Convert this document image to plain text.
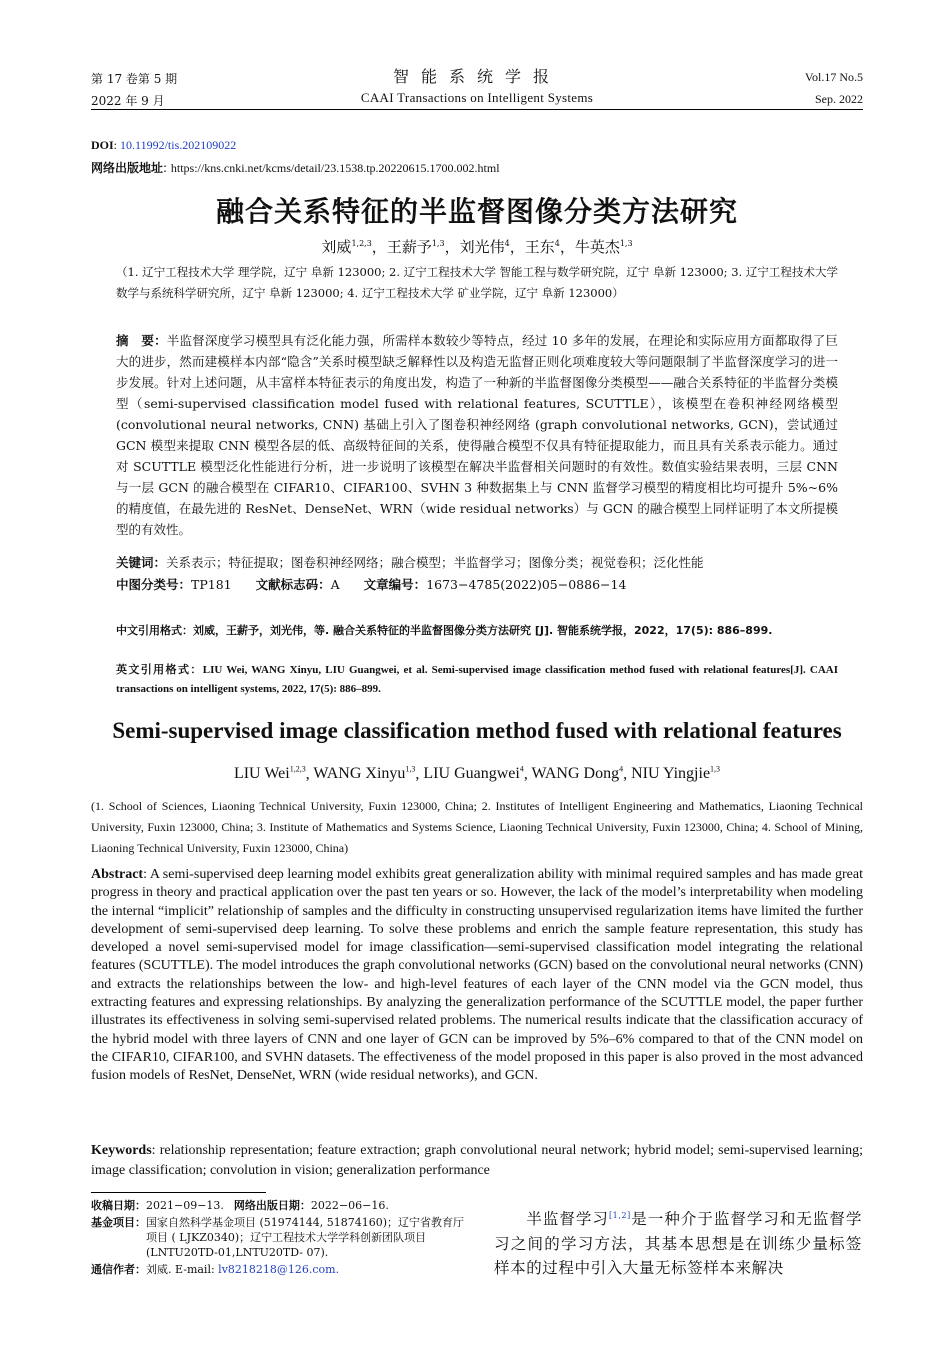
第 17 卷第 5 期
2022 年 9 月
智能系统学报
CAAI Transactions on Intelligent Systems
Vol.17 No.5
Sep. 2022
DOI: 10.11992/tis.202109022
网络出版地址: https://kns.cnki.net/kcms/detail/23.1538.tp.20220615.1700.002.html
融合关系特征的半监督图像分类方法研究
刘威$^{1,2,3}$，王薪予$^{1,3}$，刘光伟$^4$，王东$^4$，牛英杰$^{1,3}$
（1. 辽宁工程技术大学 理学院，辽宁 阜新 123000; 2. 辽宁工程技术大学 智能工程与数学研究院，辽宁 阜新 123000; 3. 辽宁工程技术大学 数学与系统科学研究所，辽宁 阜新 123000; 4. 辽宁工程技术大学 矿业学院，辽宁 阜新 123000）
摘　要：半监督深度学习模型具有泛化能力强，所需样本数较少等特点，经过 10 多年的发展，在理论和实际应用方面都取得了巨大的进步，然而建模样本内部“隐含”关系时模型缺乏解释性以及构造无监督正则化项难度较大等问题限制了半监督深度学习的进一步发展。针对上述问题，从丰富样本特征表示的角度出发，构造了一种新的半监督图像分类模型——融合关系特征的半监督分类模型（semi-supervised classification model fused with relational features, SCUTTLE），该模型在卷积神经网络模型 (convolutional neural networks, CNN) 基础上引入了图卷积神经网络 (graph convolutional networks, GCN)，尝试通过 GCN 模型来提取 CNN 模型各层的低、高级特征间的关系，使得融合模型不仅具有特征提取能力，而且具有关系表示能力。通过对 SCUTTLE 模型泛化性能进行分析，进一步说明了该模型在解决半监督相关问题时的有效性。数值实验结果表明，三层 CNN 与一层 GCN 的融合模型在 CIFAR10、CIFAR100、SVHN 3 种数据集上与 CNN 监督学习模型的精度相比均可提升 5%~6% 的精度值，在最先进的 ResNet、DenseNet、WRN（wide residual networks）与 GCN 的融合模型上同样证明了本文所提模型的有效性。
关键词：关系表示；特征提取；图卷积神经网络；融合模型；半监督学习；图像分类；视觉卷积；泛化性能
中图分类号：TP181 文献标志码：A 文章编号：1673−4785(2022)05−0886−14
中文引用格式：刘威，王薪予，刘光伟，等. 融合关系特征的半监督图像分类方法研究 [J]. 智能系统学报，2022，17(5): 886–899.
英文引用格式：LIU Wei, WANG Xinyu, LIU Guangwei, et al. Semi-supervised image classification method fused with relational features[J]. CAAI transactions on intelligent systems, 2022, 17(5): 886–899.
Semi-supervised image classification method fused with relational features
LIU Wei$^{1,2,3}$, WANG Xinyu$^{1,3}$, LIU Guangwei$^4$, WANG Dong$^4$, NIU Yingjie$^{1,3}$
(1. School of Sciences, Liaoning Technical University, Fuxin 123000, China; 2. Institutes of Intelligent Engineering and Mathematics, Liaoning Technical University, Fuxin 123000, China; 3. Institute of Mathematics and Systems Science, Liaoning Technical University, Fuxin 123000, China; 4. School of Mining, Liaoning Technical University, Fuxin 123000, China)
Abstract: A semi-supervised deep learning model exhibits great generalization ability with minimal required samples and has made great progress in theory and practical application over the past ten years or so. However, the lack of the model’s interpretability when modeling the internal “implicit” relationship of samples and the difficulty in constructing unsupervised regularization items have limited the further development of semi-supervised deep learning. To solve these problems and enrich the sample feature representation, this study has developed a novel semi-supervised model for image classification—semi-supervised classification model integrating the relational features (SCUTTLE). The model introduces the graph convolutional networks (GCN) based on the convolutional neural networks (CNN) and extracts the relationships between the low- and high-level features of each layer of the CNN model via the GCN model, thus extracting features and expressing relationships. By analyzing the generalization performance of the SCUTTLE model, the paper further illustrates its effectiveness in solving semi-supervised related problems. The numerical results indicate that the classification accuracy of the hybrid model with three layers of CNN and one layer of GCN can be improved by 5%–6% compared to that of the CNN model on the CIFAR10, CIFAR100, and SVHN datasets. The effectiveness of the model proposed in this paper is also proved in the most advanced fusion models of ResNet, DenseNet, WRN (wide residual networks), and GCN.
Keywords: relationship representation; feature extraction; graph convolutional neural network; hybrid model; semi-supervised learning; image classification; convolution in vision; generalization performance
收稿日期：2021−09−13. 网络出版日期：2022−06−16.
基金项目： 国家自然科学基金项目 (51974144, 51874160)；辽宁省教育厅项目 ( LJKZ0340)；辽宁工程技术大学学科创新团队项目 (LNTU20TD-01,LNTU20TD- 07).
通信作者：刘威. E-mail: lv8218218@126.com.
半监督学习[1,2]是一种介于监督学习和无监督学习之间的学习方法，其基本思想是在训练少量标签样本的过程中引入大量无标签样本来解决
